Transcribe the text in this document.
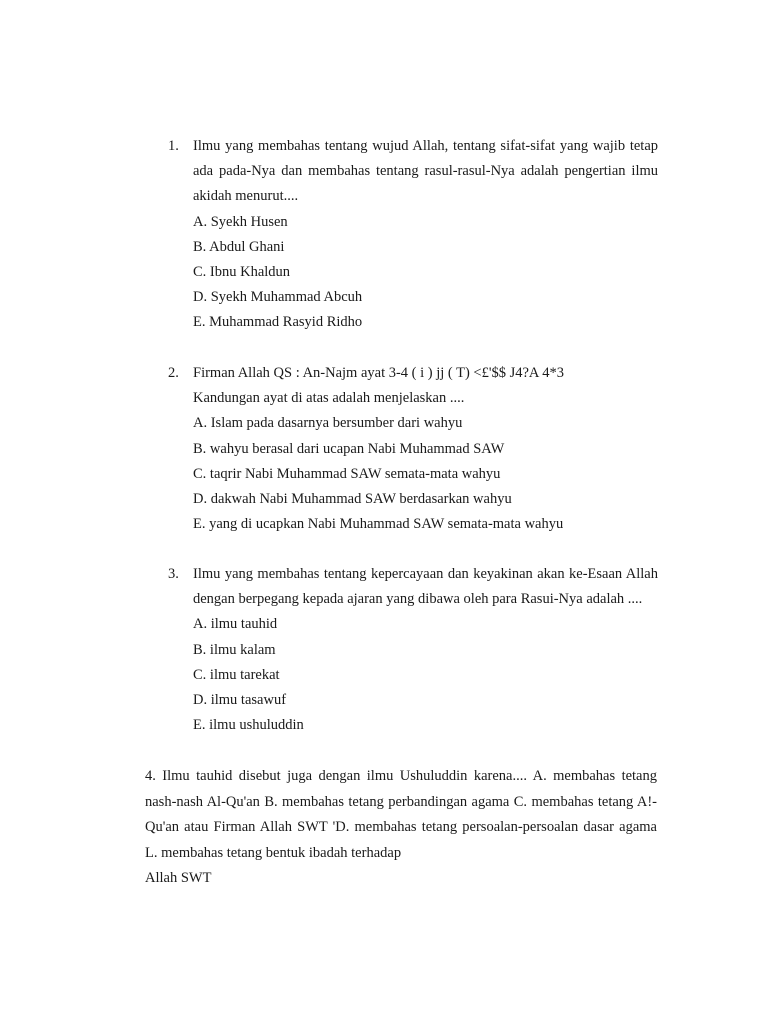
1. Ilmu yang membahas tentang wujud Allah, tentang sifat-sifat yang wajib tetap ada pada-Nya dan membahas tentang rasul-rasul-Nya adalah pengertian ilmu akidah menurut....
A. Syekh Husen
B. Abdul Ghani
C. Ibnu Khaldun
D. Syekh Muhammad Abcuh
E. Muhammad Rasyid Ridho
2. Firman Allah QS : An-Najm ayat 3-4 ( i ) jj ( T) <£'$$ J4?A 4*3
Kandungan ayat di atas adalah menjelaskan ....
A. Islam pada dasarnya bersumber dari wahyu
B. wahyu berasal dari ucapan Nabi Muhammad SAW
C. taqrir Nabi Muhammad SAW semata-mata wahyu
D. dakwah Nabi Muhammad SAW berdasarkan wahyu
E. yang di ucapkan Nabi Muhammad SAW semata-mata wahyu
3. Ilmu yang membahas tentang kepercayaan dan keyakinan akan ke-Esaan Allah dengan berpegang kepada ajaran yang dibawa oleh para Rasui-Nya adalah ....
A. ilmu tauhid
B. ilmu kalam
C. ilmu tarekat
D. ilmu tasawuf
E. ilmu ushuluddin
4. Ilmu tauhid disebut juga dengan ilmu Ushuluddin karena.... A. membahas tetang nash-nash Al-Qu'an B. membahas tetang perbandingan agama C. membahas tetang A!-Qu'an atau Firman Allah SWT 'D. membahas tetang persoalan-persoalan dasar agama L. membahas tetang bentuk ibadah terhadap
Allah SWT
